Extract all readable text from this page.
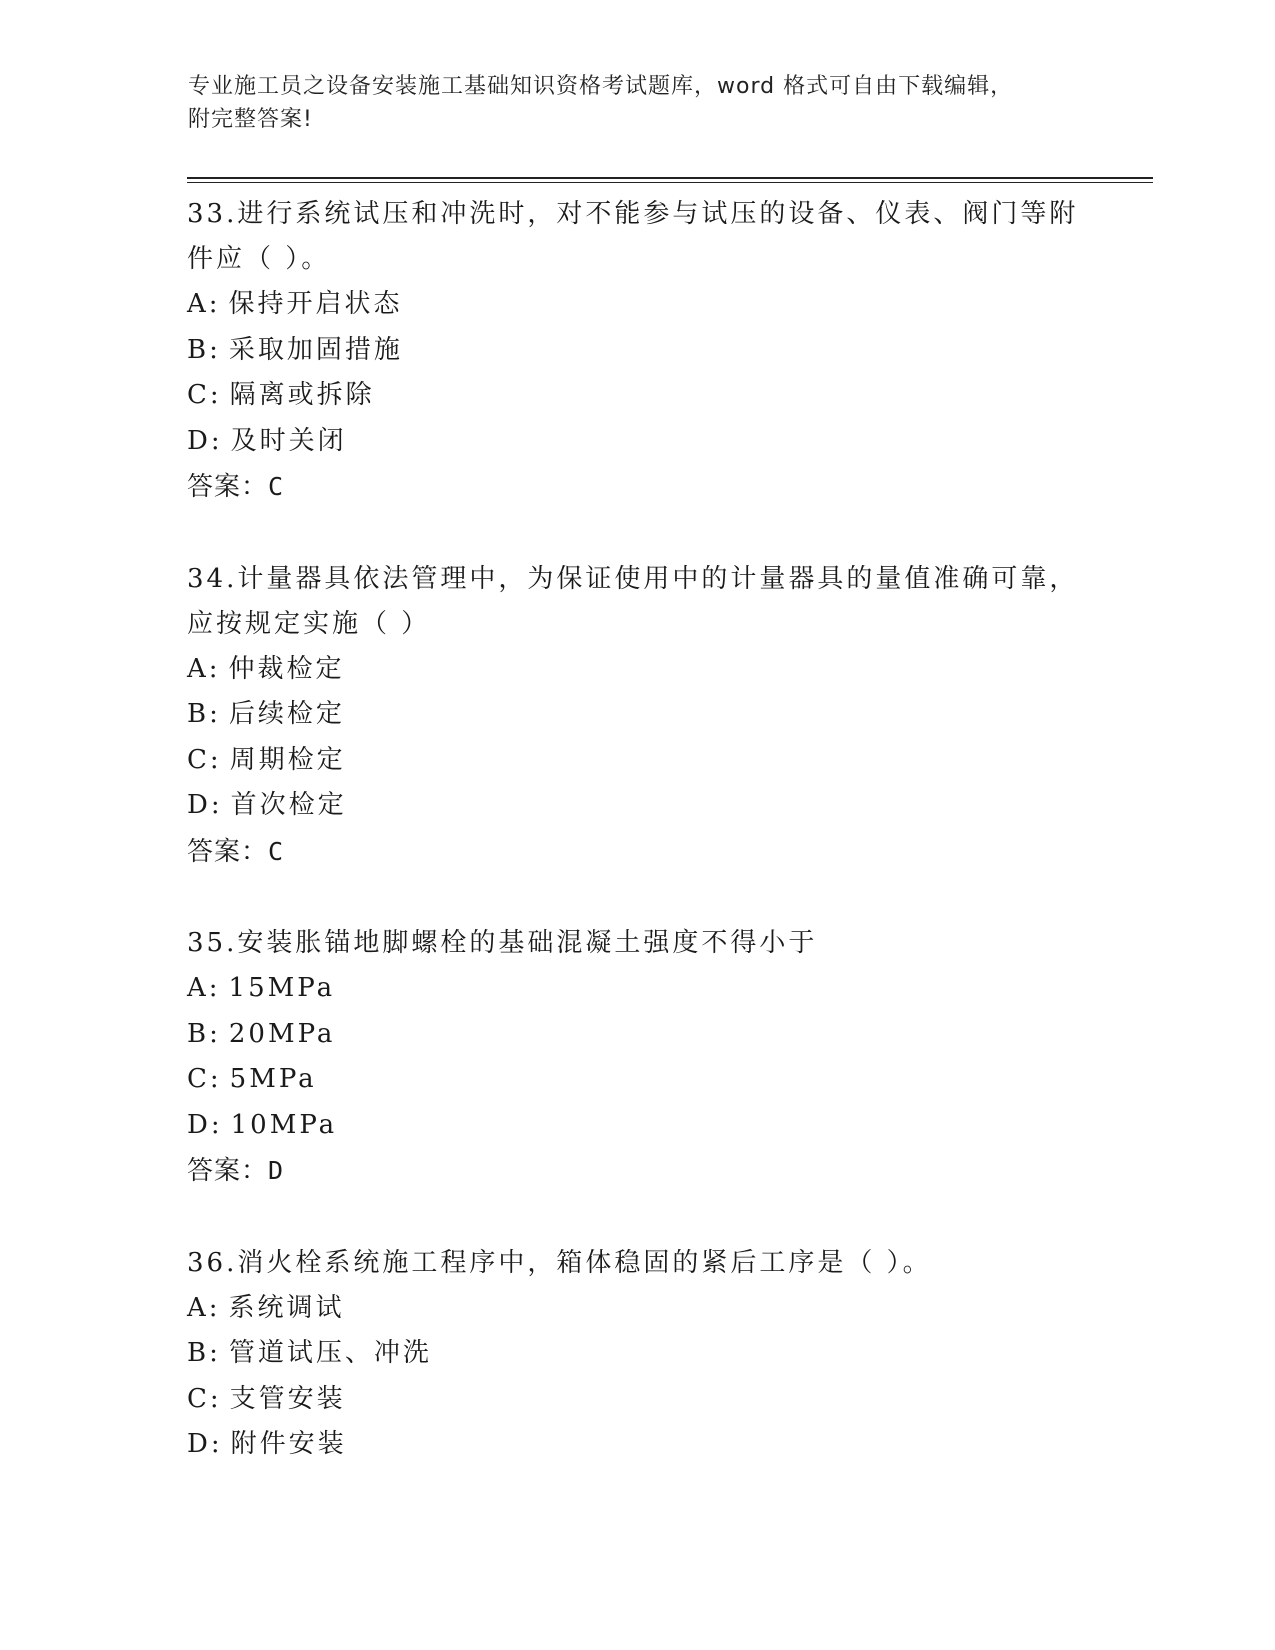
专业施工员之设备安装施工基础知识资格考试题库，word 格式可自由下载编辑，
附完整答案!
33.进行系统试压和冲洗时，对不能参与试压的设备、仪表、阀门等附件应（ ）。
A: 保持开启状态
B: 采取加固措施
C: 隔离或拆除
D: 及时关闭
答案：C
34.计量器具依法管理中，为保证使用中的计量器具的量值准确可靠，应按规定实施（ ）
A: 仲裁检定
B: 后续检定
C: 周期检定
D: 首次检定
答案：C
35.安装胀锚地脚螺栓的基础混凝土强度不得小于
A: 15MPa
B: 20MPa
C: 5MPa
D: 10MPa
答案：D
36.消火栓系统施工程序中，箱体稳固的紧后工序是（ ）。
A: 系统调试
B: 管道试压、冲洗
C: 支管安装
D: 附件安装
